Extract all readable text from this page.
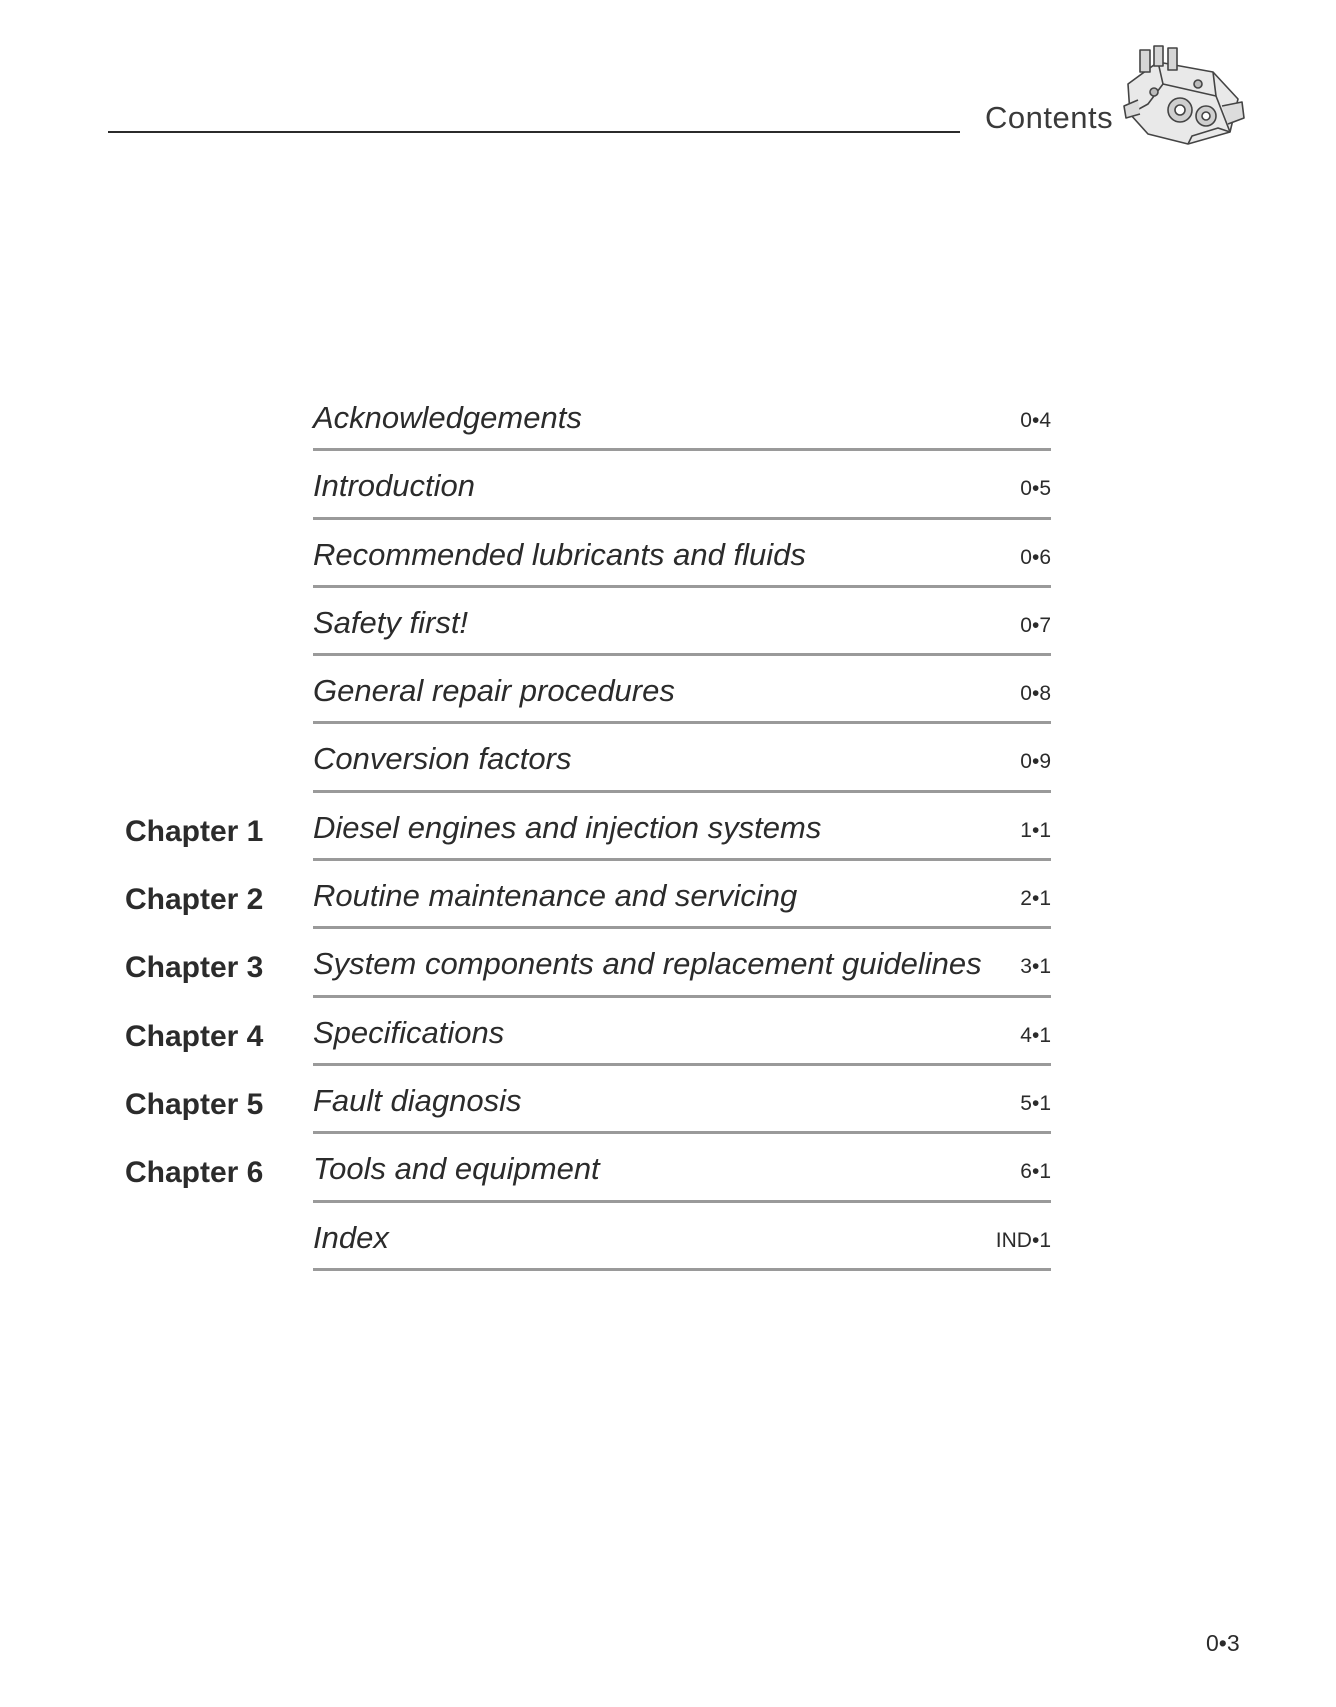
Contents
Acknowledgements	0•4
Introduction	0•5
Recommended lubricants and fluids	0•6
Safety first!	0•7
General repair procedures	0•8
Conversion factors	0•9
Chapter 1 Diesel engines and injection systems	1•1
Chapter 2 Routine maintenance and servicing	2•1
Chapter 3 System components and replacement guidelines 3•1
Chapter 4 Specifications	4•1
Chapter 5 Fault diagnosis	5•1
Chapter 6 Tools and equipment	6•1
Index	IND•1
0•3
